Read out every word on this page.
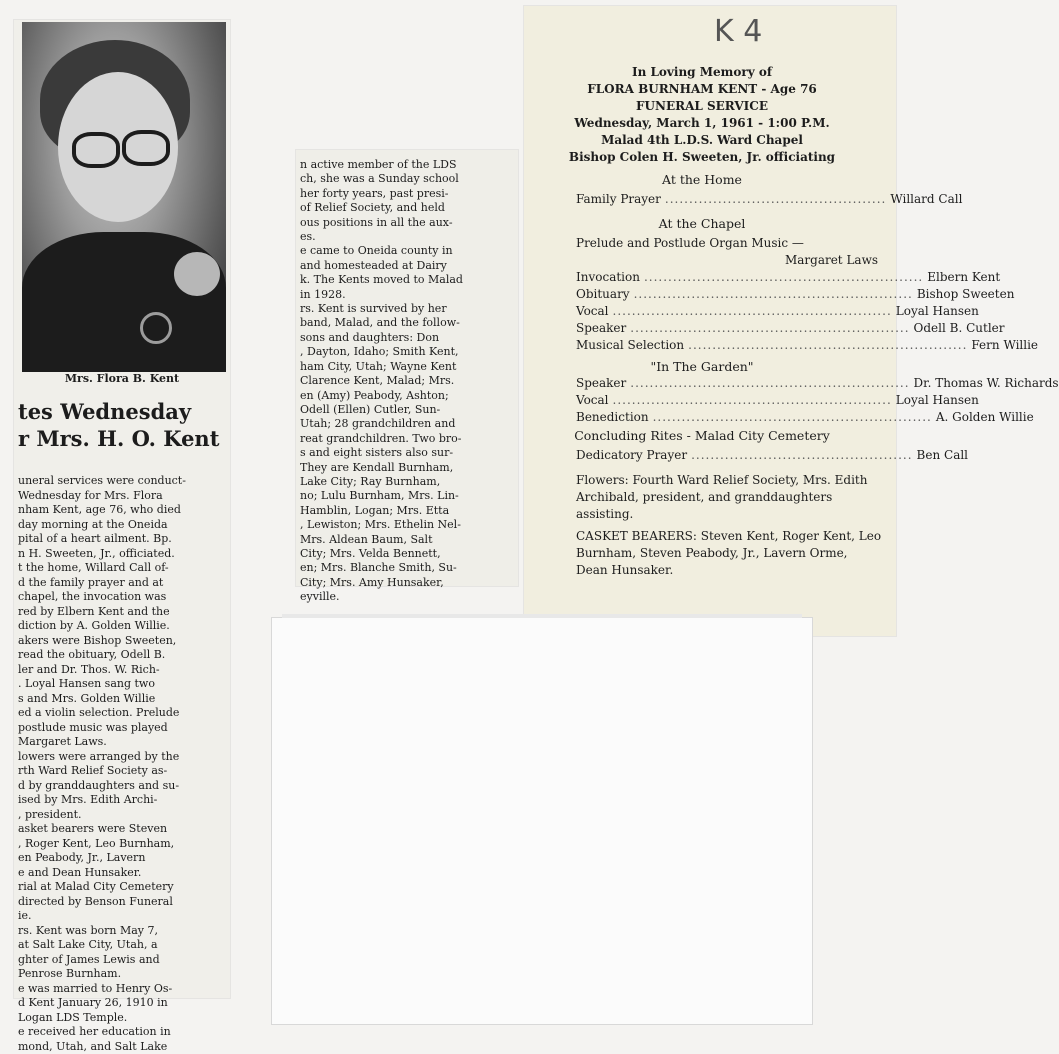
Mrs. Flora B. Kent
tes Wednesday
r Mrs. H. O. Kent
uneral services were conduct-
Wednesday for Mrs. Flora
nham Kent, age 76, who died
day morning at the Oneida
pital of a heart ailment. Bp.
n H. Sweeten, Jr., officiated.
t the home, Willard Call of-
d the family prayer and at
chapel, the invocation was
red by Elbern Kent and the
diction by A. Golden Willie.
akers were Bishop Sweeten,
read the obituary, Odell B.
ler and Dr. Thos. W. Rich-
. Loyal Hansen sang two
s and Mrs. Golden Willie
ed a violin selection. Prelude
postlude music was played
Margaret Laws.
lowers were arranged by the
rth Ward Relief Society as-
d by granddaughters and su-
ised by Mrs. Edith Archi-
, president.
asket bearers were Steven
, Roger Kent, Leo Burnham,
en Peabody, Jr., Lavern
e and Dean Hunsaker.
rial at Malad City Cemetery
directed by Benson Funeral
ie.
rs. Kent was born May 7,
at Salt Lake City, Utah, a
ghter of James Lewis and
Penrose Burnham.
e was married to Henry Os-
d Kent January 26, 1910 in
Logan LDS Temple.
e received her education in
mond, Utah, and Salt Lake
n active member of the LDS
ch, she was a Sunday school
her forty years, past presi-
of Relief Society, and held
ous positions in all the aux-
es.
e came to Oneida county in
and homesteaded at Dairy
k. The Kents moved to Malad
in 1928.
rs. Kent is survived by her
band, Malad, and the follow-
sons and daughters: Don
, Dayton, Idaho; Smith Kent,
ham City, Utah; Wayne Kent
Clarence Kent, Malad; Mrs.
en (Amy) Peabody, Ashton;
Odell (Ellen) Cutler, Sun-
Utah; 28 grandchildren and
reat grandchildren. Two bro-
s and eight sisters also sur-
They are Kendall Burnham,
Lake City; Ray Burnham,
no; Lulu Burnham, Mrs. Lin-
Hamblin, Logan; Mrs. Etta
, Lewiston; Mrs. Ethelin Nel-
Mrs. Aldean Baum, Salt
City; Mrs. Velda Bennett,
en; Mrs. Blanche Smith, Su-
City; Mrs. Amy Hunsaker,
eyville.
K 4
In Loving Memory of
FLORA BURNHAM KENT - Age 76
FUNERAL SERVICE
Wednesday, March 1, 1961 - 1:00 P.M.
Malad 4th L.D.S. Ward Chapel
Bishop Colen H. Sweeten, Jr. officiating
At the Home
Family Prayer .............................................. Willard Call
At the Chapel
Prelude and Postlude Organ Music —
Margaret Laws
Invocation .......................................................... Elbern Kent
Obituary .......................................................... Bishop Sweeten
Vocal .......................................................... Loyal Hansen
Speaker .......................................................... Odell B. Cutler
Musical Selection .......................................................... Fern Willie
"In The Garden"
Speaker .......................................................... Dr. Thomas W. Richards
Vocal .......................................................... Loyal Hansen
Benediction .......................................................... A. Golden Willie
Concluding Rites - Malad City Cemetery
Dedicatory Prayer .............................................. Ben Call
Flowers: Fourth Ward Relief Society, Mrs. Edith Archibald, president, and granddaughters assisting.
CASKET BEARERS: Steven Kent, Roger Kent, Leo Burnham, Steven Peabody, Jr., Lavern Orme, Dean Hunsaker.
